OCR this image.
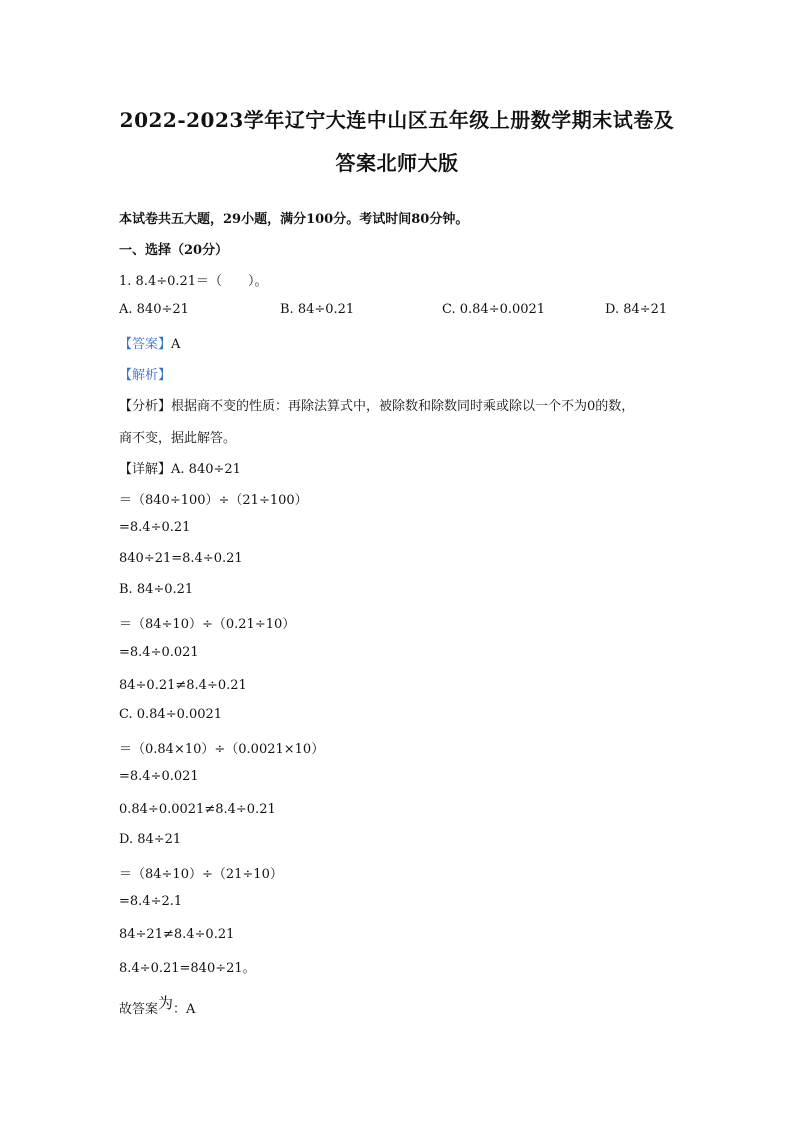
2022-2023学年辽宁大连中山区五年级上册数学期末试卷及
答案北师大版
本试卷共五大题，29小题，满分100分。考试时间80分钟。
一、选择（20分）
1. 8.4÷0.21＝（　　）。
A. 840÷21	B. 84÷0.21	C. 0.84÷0.0021	D. 84÷21
【答案】A
【解析】
【分析】根据商不变的性质：再除法算式中，被除数和除数同时乘或除以一个不为0的数，
商不变，据此解答。
【详解】A. 840÷21
＝（840÷100）÷（21÷100）
=8.4÷0.21
840÷21=8.4÷0.21
B. 84÷0.21
＝（84÷10）÷（0.21÷10）
=8.4÷0.021
84÷0.21≠8.4÷0.21
C. 0.84÷0.0021
＝（0.84×10）÷（0.0021×10）
=8.4÷0.021
0.84÷0.0021≠8.4÷0.21
D. 84÷21
＝（84÷10）÷（21÷10）
=8.4÷2.1
84÷21≠8.4÷0.21
8.4÷0.21=840÷21。
故答案为：A
